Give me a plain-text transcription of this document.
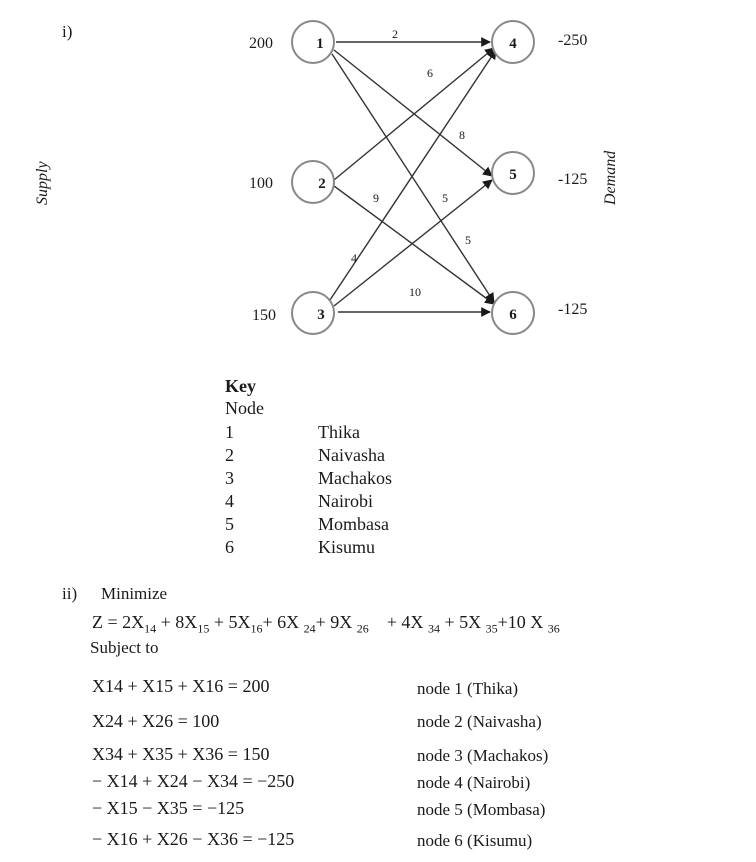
i)
Supply	Demand
2
8
5
6
9
4
5
10
200
100
150
-250
-125
-125
1
2
3
4
5
6
Key
Node
1	Thika
2	Naivasha
3	Machakos
4	Nairobi
5	Mombasa
6	Kisumu
ii) Minimize
$Z = 2X_{14} + 8X_{15} + 5X_{16}+ 6X$ $_{24}$+ 9X $_{26}$    + 4X $_{34}$ + 5X $_{35}$+10 X $_{36}$
Subject to
X14 + X15 + X16 = 200	node 1 (Thika)
X24 + X26 = 100	node 2 (Naivasha)
X34 + X35 + X36 = 150	node 3 (Machakos)
− X14 + X24 − X34 = −250	node 4 (Nairobi)
− X15 − X35 = −125	node 5 (Mombasa)
− X16 + X26 − X36 = −125	node 6 (Kisumu)
